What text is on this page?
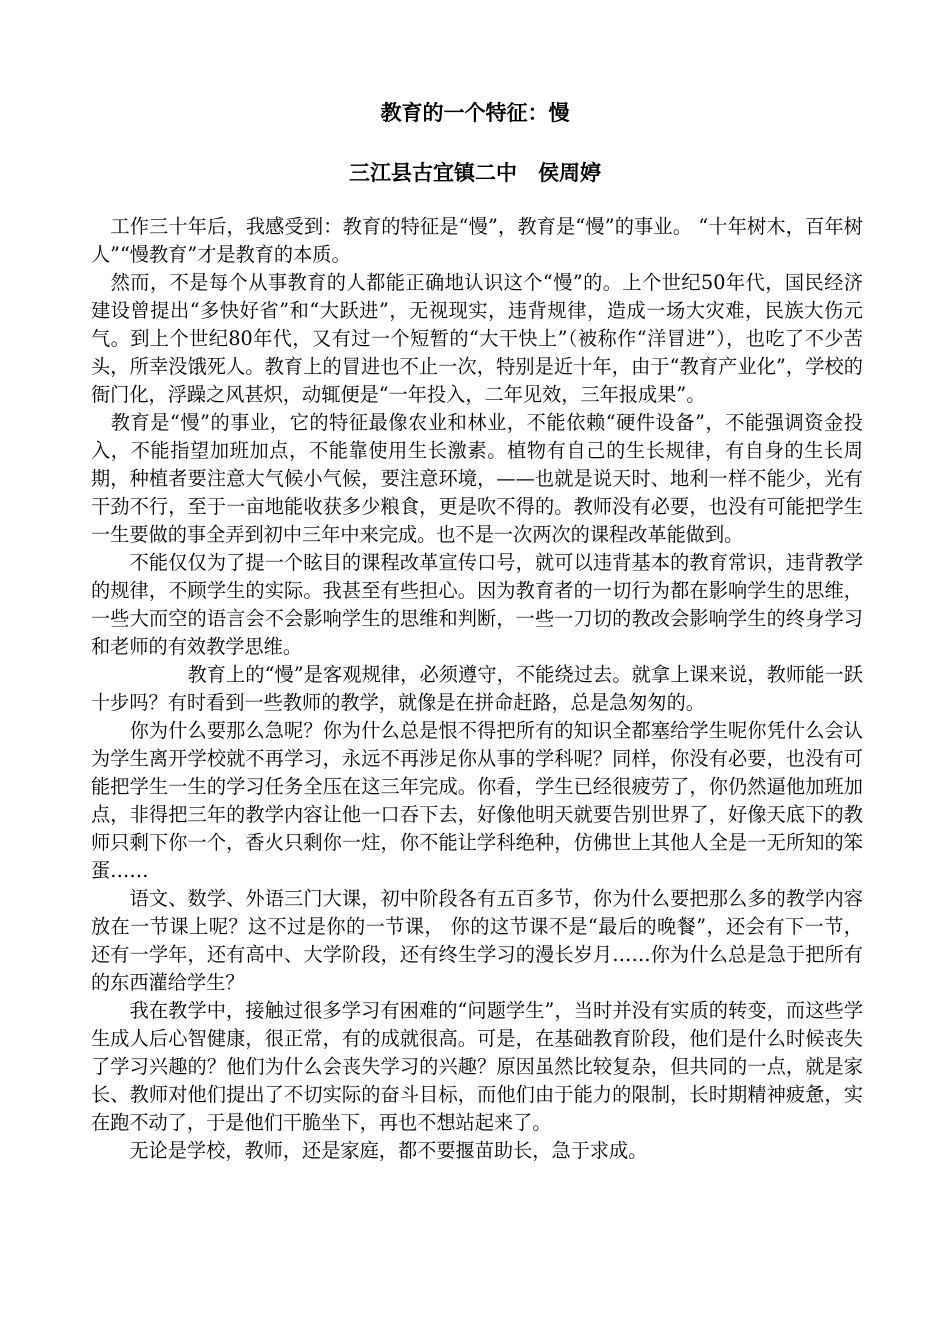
教育的一个特征：慢
三江县古宜镇二中　侯周婷

　工作三十年后，我感受到：教育的特征是“慢”，教育是“慢”的事业。 “十年树木，百年树人”“慢教育”才是教育的本质。

　然而，不是每个从事教育的人都能正确地认识这个“慢”的。上个世纪50年代，国民经济建设曾提出“多快好省”和“大跃进”，无视现实，违背规律，造成一场大灾难，民族大伤元气。到上个世纪80年代，又有过一个短暂的“大干快上”（被称作“洋冒进”），也吃了不少苦头，所幸没饿死人。教育上的冒进也不止一次，特别是近十年，由于“教育产业化”，学校的衙门化，浮躁之风甚炽，动辄便是“一年投入，二年见效，三年报成果”。

　教育是“慢”的事业，它的特征最像农业和林业，不能依赖“硬件设备”，不能强调资金投入，不能指望加班加点，不能靠使用生长激素。植物有自己的生长规律，有自身的生长周期，种植者要注意大气候小气候，要注意环境，——也就是说天时、地利一样不能少，光有干劲不行，至于一亩地能收获多少粮食，更是吹不得的。教师没有必要，也没有可能把学生一生要做的事全弄到初中三年中来完成。也不是一次两次的课程改革能做到。

　　不能仅仅为了提一个眩目的课程改革宣传口号，就可以违背基本的教育常识，违背教学的规律，不顾学生的实际。我甚至有些担心。因为教育者的一切行为都在影响学生的思维，一些大而空的语言会不会影响学生的思维和判断，一些一刀切的教改会影响学生的终身学习和老师的有效教学思维。

　　　　　教育上的“慢”是客观规律，必须遵守，不能绕过去。就拿上课来说，教师能一跃十步吗？有时看到一些教师的教学，就像是在拼命赶路，总是急匆匆的。

　　你为什么要那么急呢？你为什么总是恨不得把所有的知识全都塞给学生呢你凭什么会认为学生离开学校就不再学习，永远不再涉足你从事的学科呢？同样，你没有必要，也没有可能把学生一生的学习任务全压在这三年完成。你看，学生已经很疲劳了，你仍然逼他加班加点，非得把三年的教学内容让他一口吞下去，好像他明天就要告别世界了，好像天底下的教师只剩下你一个，香火只剩你一炷，你不能让学科绝种，仿佛世上其他人全是一无所知的笨蛋……

　　语文、数学、外语三门大课，初中阶段各有五百多节，你为什么要把那么多的教学内容放在一节课上呢？这不过是你的一节课， 你的这节课不是“最后的晚餐”，还会有下一节，还有一学年，还有高中、大学阶段，还有终生学习的漫长岁月……你为什么总是急于把所有的东西灌给学生？

　　我在教学中，接触过很多学习有困难的“问题学生”，当时并没有实质的转变，而这些学生成人后心智健康，很正常，有的成就很高。可是，在基础教育阶段，他们是什么时候丧失了学习兴趣的？他们为什么会丧失学习的兴趣？原因虽然比较复杂，但共同的一点，就是家长、教师对他们提出了不切实际的奋斗目标，而他们由于能力的限制，长时期精神疲惫，实在跑不动了，于是他们干脆坐下，再也不想站起来了。

　　无论是学校，教师，还是家庭，都不要揠苗助长，急于求成。
